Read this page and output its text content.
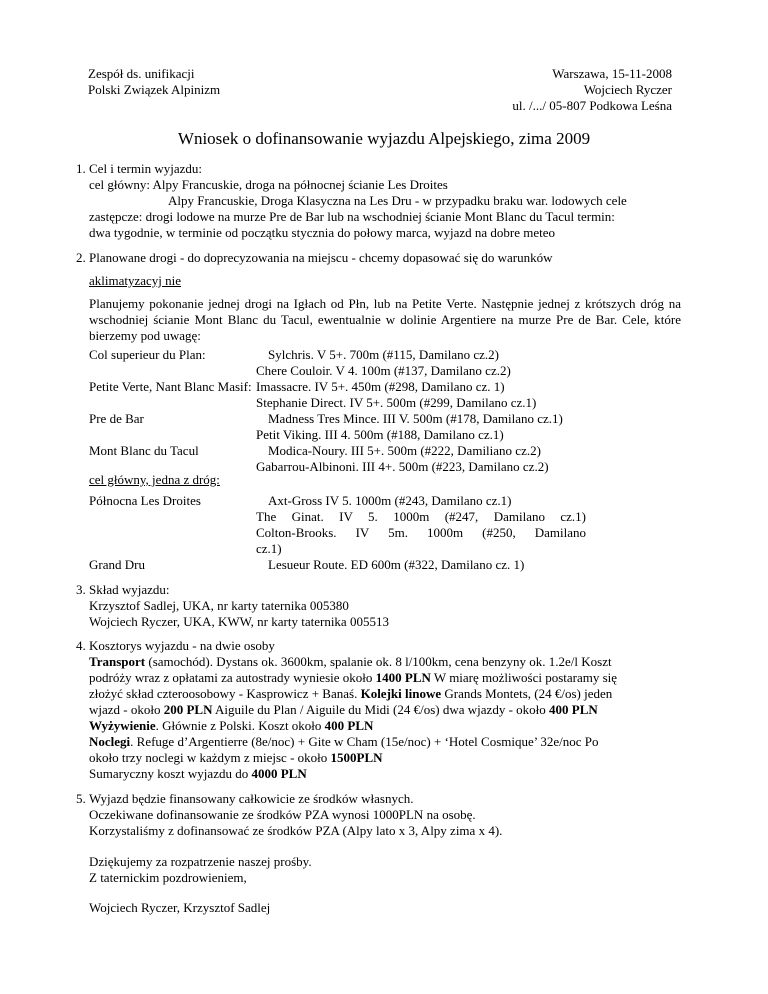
Zespół ds. unifikacji
Polski Związek Alpinizm
Warszawa, 15-11-2008
Wojciech Ryczer
ul. /.../ 05-807 Podkowa Leśna
Wniosek o dofinansowanie wyjazdu Alpejskiego, zima 2009
1. Cel i termin wyjazdu:
cel główny: Alpy Francuskie, droga na północnej ścianie Les Droites
Alpy Francuskie, Droga Klasyczna na Les Dru - w przypadku braku war. lodowych cele
zastępcze: drogi lodowe na murze Pre de Bar lub na wschodniej ścianie Mont Blanc du Tacul termin:
dwa tygodnie, w terminie od początku stycznia do połowy marca, wyjazd na dobre meteo
2. Planowane drogi - do doprecyzowania na miejscu - chcemy dopasować się do warunków
aklimatyzacyj nie
Planujemy pokonanie jednej drogi na Igłach od Płn, lub na Petite Verte. Następnie jednej z krótszych dróg na wschodniej ścianie Mont Blanc du Tacul, ewentualnie w dolinie Argentiere na murze Pre de Bar. Cele, które bierzemy pod uwagę:
Col superieur du Plan:
Petite Verte, Nant Blanc Masif:
Pre de Bar
Mont Blanc du Tacul
Sylchris. V 5+. 700m (#115, Damilano cz.2)
Chere Couloir. V 4. 100m (#137, Damilano cz.2)
Imassacre. IV 5+. 450m (#298, Damilano cz. 1)
Stephanie Direct. IV 5+. 500m (#299, Damilano cz.1)
Madness Tres Mince. III V. 500m (#178, Damilano cz.1)
Petit Viking. III 4. 500m (#188, Damilano cz.1)
Modica-Noury. III 5+. 500m (#222, Damiliano cz.2)
Gabarrou-Albinoni. III 4+. 500m (#223, Damilano cz.2)
cel główny, jedna z dróg:
Północna Les Droites
Grand Dru
Axt-Gross IV 5. 1000m (#243, Damilano cz.1)
The Ginat. IV 5. 1000m (#247, Damilano cz.1)
Colton-Brooks. IV 5m. 1000m (#250, Damilano
cz.1)
Lesueur Route. ED 600m (#322, Damilano cz. 1)
3. Skład wyjazdu:
Krzysztof Sadlej, UKA, nr karty taternika 005380
Wojciech Ryczer, UKA, KWW, nr karty taternika 005513
4. Kosztorys wyjazdu - na dwie osoby
Transport (samochód). Dystans ok. 3600km, spalanie ok. 8 l/100km, cena benzyny ok. 1.2e/l Koszt
podróży wraz z opłatami za autostrady wyniesie około 1400 PLN W miarę możliwości postaramy się
złożyć skład czteroosobowy - Kasprowicz + Banaś. Kolejki linowe Grands Montets, (24 €/os) jeden
wjazd - około 200 PLN Aiguile du Plan / Aiguile du Midi (24 €/os) dwa wjazdy - około 400 PLN
Wyżywienie. Głównie z Polski. Koszt około 400 PLN
Noclegi. Refuge d’Argentierre (8e/noc) + Gite w Cham (15e/noc) + ‘Hotel Cosmique’ 32e/noc Po
około trzy noclegi w każdym z miejsc - około 1500PLN
Sumaryczny koszt wyjazdu do 4000 PLN
5. Wyjazd będzie finansowany całkowicie ze środków własnych.
Oczekiwane dofinansowanie ze środków PZA wynosi 1000PLN na osobę.
Korzystaliśmy z dofinansować ze środków PZA (Alpy lato x 3, Alpy zima x 4).
Dziękujemy za rozpatrzenie naszej prośby.
Z taternickim pozdrowieniem,
Wojciech Ryczer, Krzysztof Sadlej
